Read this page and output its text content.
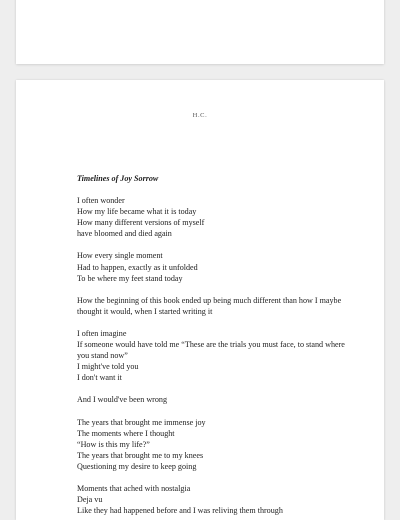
H.C.
Timelines of Joy Sorrow
I often wonder
How my life became what it is today
How many different versions of myself
have bloomed and died again
How every single moment
Had to happen, exactly as it unfolded
To be where my feet stand today
How the beginning of this book ended up being much different than how I maybe thought it would, when I started writing it
I often imagine
If someone would have told me “These are the trials you must face, to stand where you stand now”
I might've told you
I don't want it
And I would've been wrong
The years that brought me immense joy
The moments where I thought
“How is this my life?”
The years that brought me to my knees
Questioning my desire to keep going
Moments that ached with nostalgia
Deja vu
Like they had happened before and I was reliving them through
